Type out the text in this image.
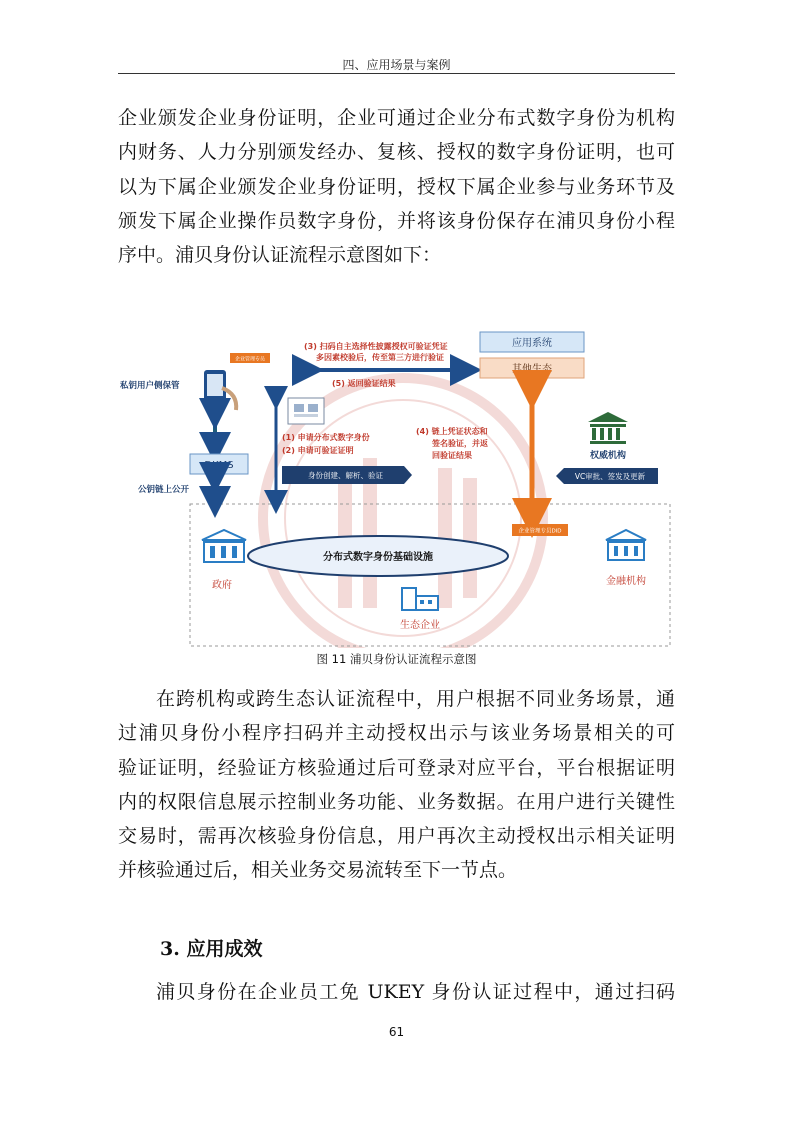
四、应用场景与案例
企业颁发企业身份证明，企业可通过企业分布式数字身份为机构
内财务、人力分别颁发经办、复核、授权的数字身份证明，也可
以为下属企业颁发企业身份证明，授权下属企业参与业务环节及
颁发下属企业操作员数字身份，并将该身份保存在浦贝身份小程
序中。浦贝身份认证流程示意图如下：
企业管理专员
私钥用户侧保管
DKMS
公钥链上公开
(3) 扫码自主选择性披露授权可验证凭证
多因素校验后，传至第三方进行验证
(5) 返回验证结果
应用系统
其他生态
(1) 申请分布式数字身份
(2) 申请可验证证明
身份创建、解析、验证
(4) 链上凭证状态和
签名验证，并返
回验证结果
企业管理专员DID
权威机构
VC审批、签发及更新
分布式数字身份基础设施
政府	金融机构
生态企业
图 11 浦贝身份认证流程示意图
在跨机构或跨生态认证流程中，用户根据不同业务场景，通
过浦贝身份小程序扫码并主动授权出示与该业务场景相关的可
验证证明，经验证方核验通过后可登录对应平台，平台根据证明
内的权限信息展示控制业务功能、业务数据。在用户进行关键性
交易时，需再次核验身份信息，用户再次主动授权出示相关证明
并核验通过后，相关业务交易流转至下一节点。
3. 应用成效
浦贝身份在企业员工免 UKEY 身份认证过程中，通过扫码
61
